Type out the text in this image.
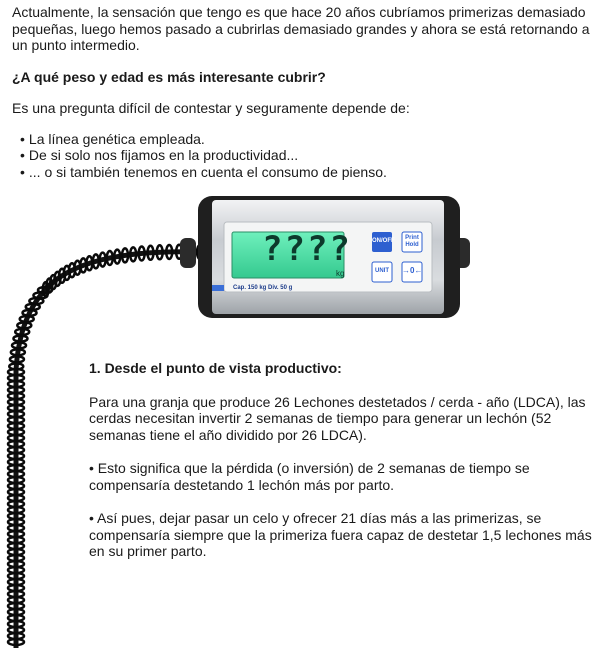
Actualmente, la sensación que tengo es que hace 20 años cubríamos primerizas demasiado pequeñas, luego hemos pasado a cubrirlas demasiado grandes y ahora se está retornando a un punto intermedio.

¿A qué peso y edad es más interesante cubrir?

Es una pregunta difícil de contestar y seguramente depende de:

• La línea genética empleada.
• De si solo nos fijamos en la productividad...
• ... o si también tenemos en cuenta el consumo de pienso.
????
kg
Cap. 150 kg Div. 50 g
ON/OFF	Print
Hold
UNIT	→0←

1. Desde el punto de vista productivo:

Para una granja que produce 26 Lechones destetados / cerda - año (LDCA), las cerdas necesitan invertir 2 semanas de tiempo para generar un lechón (52 semanas tiene el año dividido por 26 LDCA).

• Esto significa que la pérdida (o inversión) de 2 semanas de tiempo se compensaría destetando 1 lechón más por parto.

• Así pues, dejar pasar un celo y ofrecer 21 días más a las primerizas, se compensaría siempre que la primeriza fuera capaz de destetar 1,5 lechones más en su primer parto.
